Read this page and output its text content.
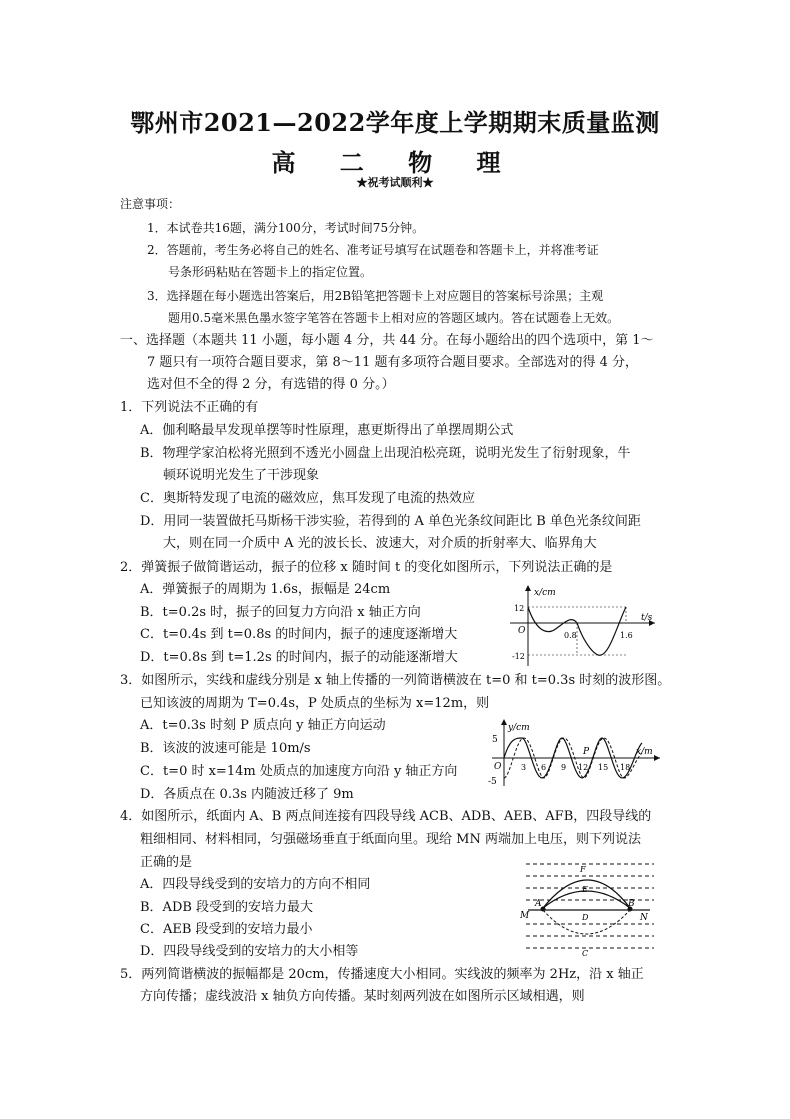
鄂州市2021—2022学年度上学期期末质量监测
高 二 物 理
★祝考试顺利★
注意事项：
1．本试卷共16题，满分100分，考试时间75分钟。
2．答题前，考生务必将自己的姓名、准考证号填写在试题卷和答题卡上，并将准考证
号条形码粘贴在答题卡上的指定位置。
3．选择题在每小题选出答案后，用2B铅笔把答题卡上对应题目的答案标号涂黑；主观
题用0.5毫米黑色墨水签字笔答在答题卡上相对应的答题区域内。答在试题卷上无效。
一、选择题（本题共 11 小题，每小题 4 分，共 44 分。在每小题给出的四个选项中，第 1～
7 题只有一项符合题目要求，第 8～11 题有多项符合题目要求。全部选对的得 4 分，
选对但不全的得 2 分，有选错的得 0 分。）
1．下列说法不正确的有
A．伽利略最早发现单摆等时性原理，惠更斯得出了单摆周期公式
B．物理学家泊松将光照到不透光小圆盘上出现泊松亮斑，说明光发生了衍射现象，牛
顿环说明光发生了干涉现象
C．奥斯特发现了电流的磁效应，焦耳发现了电流的热效应
D．用同一装置做托马斯杨干涉实验，若得到的 A 单色光条纹间距比 B 单色光条纹间距
大，则在同一介质中 A 光的波长长、波速大，对介质的折射率大、临界角大
2．弹簧振子做简谐运动，振子的位移 x 随时间 t 的变化如图所示，下列说法正确的是
A．弹簧振子的周期为 1.6s，振幅是 24cm
B．t=0.2s 时，振子的回复力方向沿 x 轴正方向
C．t=0.4s 到 t=0.8s 的时间内，振子的速度逐渐增大
D．t=0.8s 到 t=1.2s 的时间内，振子的动能逐渐增大
x/cm
t/s
12
-12
O	0.8	1.6
3．如图所示，实线和虚线分别是 x 轴上传播的一列简谐横波在 t=0 和 t=0.3s 时刻的波形图。
已知该波的周期为 T=0.4s，P 处质点的坐标为 x=12m，则
A．t=0.3s 时刻 P 质点向 y 轴正方向运动
B．该波的波速可能是 10m/s
C．t=0 时 x=14m 处质点的加速度方向沿 y 轴正方向
D．各质点在 0.3s 内随波迁移了 9m
y/cm
x/m
5
-5
O 3 6 9 12 15 18
P
4．如图所示，纸面内 A、B 两点间连接有四段导线 ACB、ADB、AEB、AFB，四段导线的
粗细相同、材料相同，匀强磁场垂直于纸面向里。现给 MN 两端加上电压，则下列说法
正确的是
A．四段导线受到的安培力的方向不相同
B．ADB 段受到的安培力最大
C．AEB 段受到的安培力最小
D．四段导线受到的安培力的大小相等
F
E
A	B
M	N
D
C
5．两列简谐横波的振幅都是 20cm，传播速度大小相同。实线波的频率为 2Hz，沿 x 轴正
方向传播；虚线波沿 x 轴负方向传播。某时刻两列波在如图所示区域相遇，则
